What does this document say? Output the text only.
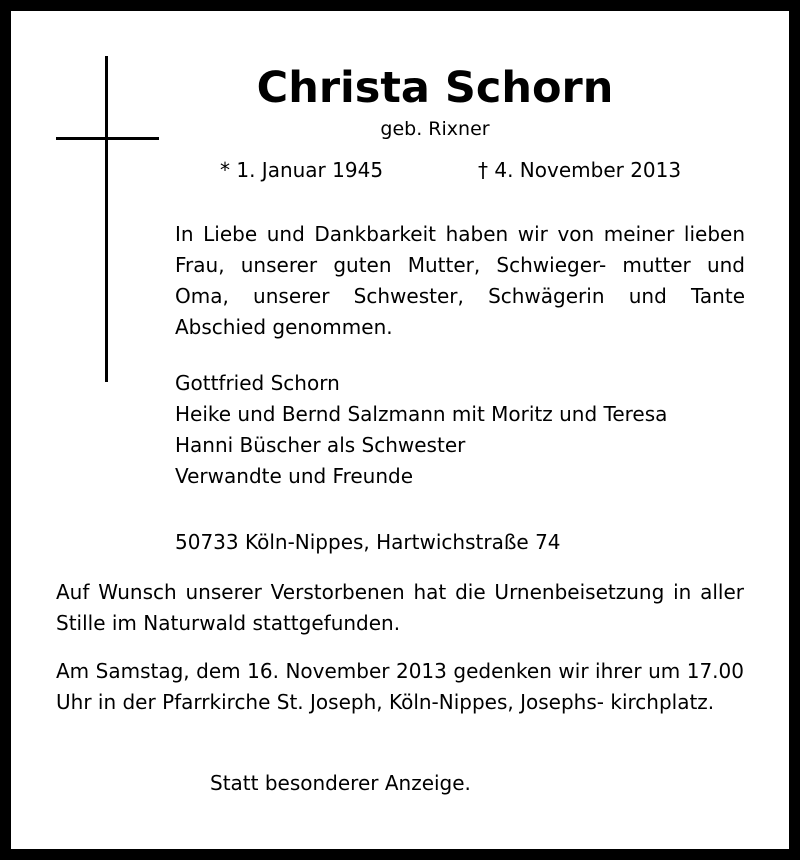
Christa Schorn
geb. Rixner
* 1. Januar 1945	† 4. November 2013

In Liebe und Dankbarkeit haben wir von meiner lieben Frau, unserer guten Mutter, Schwieger- mutter und Oma, unserer Schwester, Schwägerin und Tante Abschied genommen.

Gottfried Schorn
Heike und Bernd Salzmann mit Moritz und Teresa
Hanni Büscher als Schwester
Verwandte und Freunde
50733 Köln-Nippes, Hartwichstraße 74

Auf Wunsch unserer Verstorbenen hat die Urnenbeisetzung in aller Stille im Naturwald stattgefunden.

Am Samstag, dem 16. November 2013 gedenken wir ihrer um 17.00 Uhr in der Pfarrkirche St. Joseph, Köln-Nippes, Josephs- kirchplatz.

Statt besonderer Anzeige.
